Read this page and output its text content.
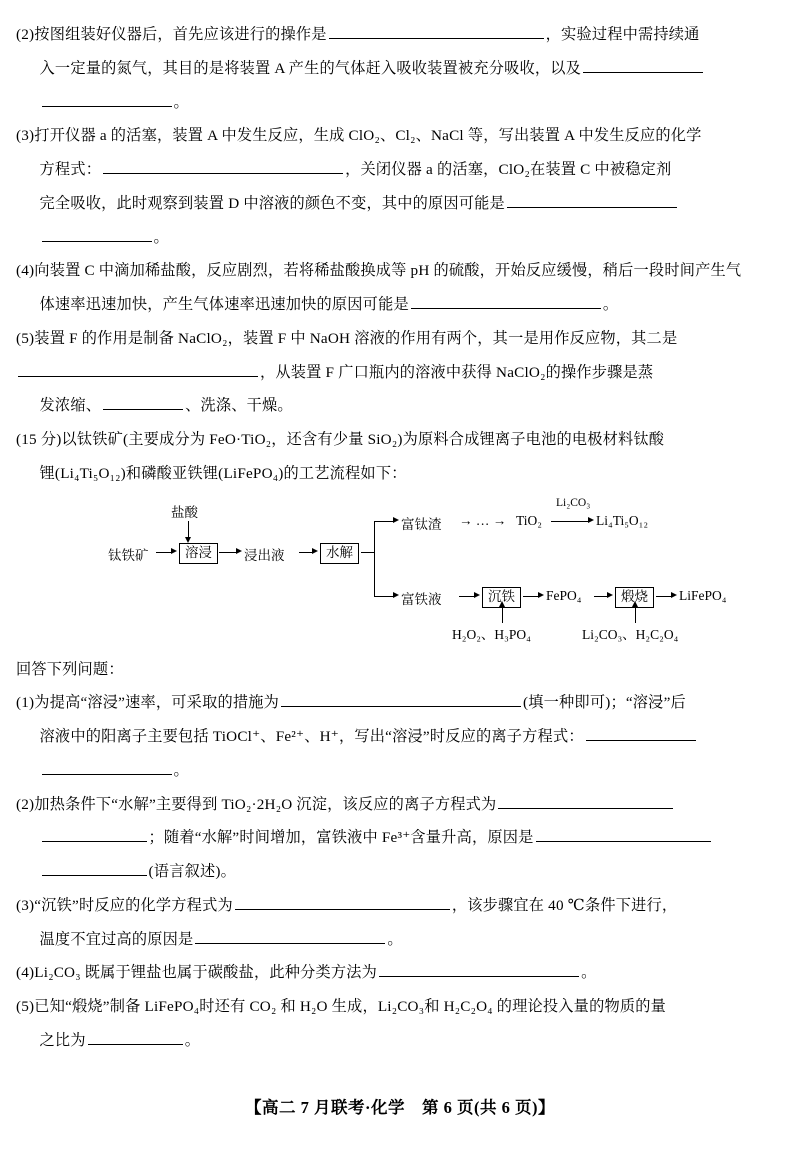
(2)按图组装好仪器后，首先应该进行的操作是	，实验过程中需持续通

入一定量的氮气，其目的是将装置 A 产生的气体赶入吸收装置被充分吸收，以及

。

(3)打开仪器 a 的活塞，装置 A 中发生反应，生成 ClO₂、Cl₂、NaCl 等，写出装置 A 中发生反应的化学

方程式：	，关闭仪器 a 的活塞，ClO₂在装置 C 中被稳定剂

完全吸收，此时观察到装置 D 中溶液的颜色不变，其中的原因可能是

。

(4)向装置 C 中滴加稀盐酸，反应剧烈，若将稀盐酸换成等 pH 的硫酸，开始反应缓慢，稍后一段时间产生气

体速率迅速加快，产生气体速率迅速加快的原因可能是	。

(5)装置 F 的作用是制备 NaClO₂，装置 F 中 NaOH 溶液的作用有两个，其一是用作反应物，其二是

，从装置 F 广口瓶内的溶液中获得 NaClO₂的操作步骤是蒸

发浓缩、	、洗涤、干燥。

(15 分)以钛铁矿(主要成分为 FeO·TiO₂，还含有少量 SiO₂)为原料合成锂离子电池的电极材料钛酸

锂(Li₄Ti₅O₁₂)和磷酸亚铁锂(LiFePO₄)的工艺流程如下：

盐酸
钛铁矿	溶浸	浸出液	水解
富钛渣 → … → TiO₂
Li₂CO₃
Li₄Ti₅O₁₂
富铁液	沉铁	FePO₄	煅烧	LiFePO₄
H₂O₂、H₃PO₄	Li₂CO₃、H₂C₂O₄

回答下列问题：

(1)为提高“溶浸”速率，可采取的措施为	(填一种即可)；“溶浸”后

溶液中的阳离子主要包括 TiOCl⁺、Fe²⁺、H⁺，写出“溶浸”时反应的离子方程式：

。

(2)加热条件下“水解”主要得到 TiO₂·2H₂O 沉淀，该反应的离子方程式为

；随着“水解”时间增加，富铁液中 Fe³⁺含量升高，原因是

(语言叙述)。

(3)“沉铁”时反应的化学方程式为	，该步骤宜在 40 ℃条件下进行，

温度不宜过高的原因是	。

(4)Li₂CO₃ 既属于锂盐也属于碳酸盐，此种分类方法为	。

(5)已知“煅烧”制备 LiFePO₄时还有 CO₂ 和 H₂O 生成，Li₂CO₃和 H₂C₂O₄ 的理论投入量的物质的量

之比为	。

【高二 7 月联考·化学　第 6 页(共 6 页)】
